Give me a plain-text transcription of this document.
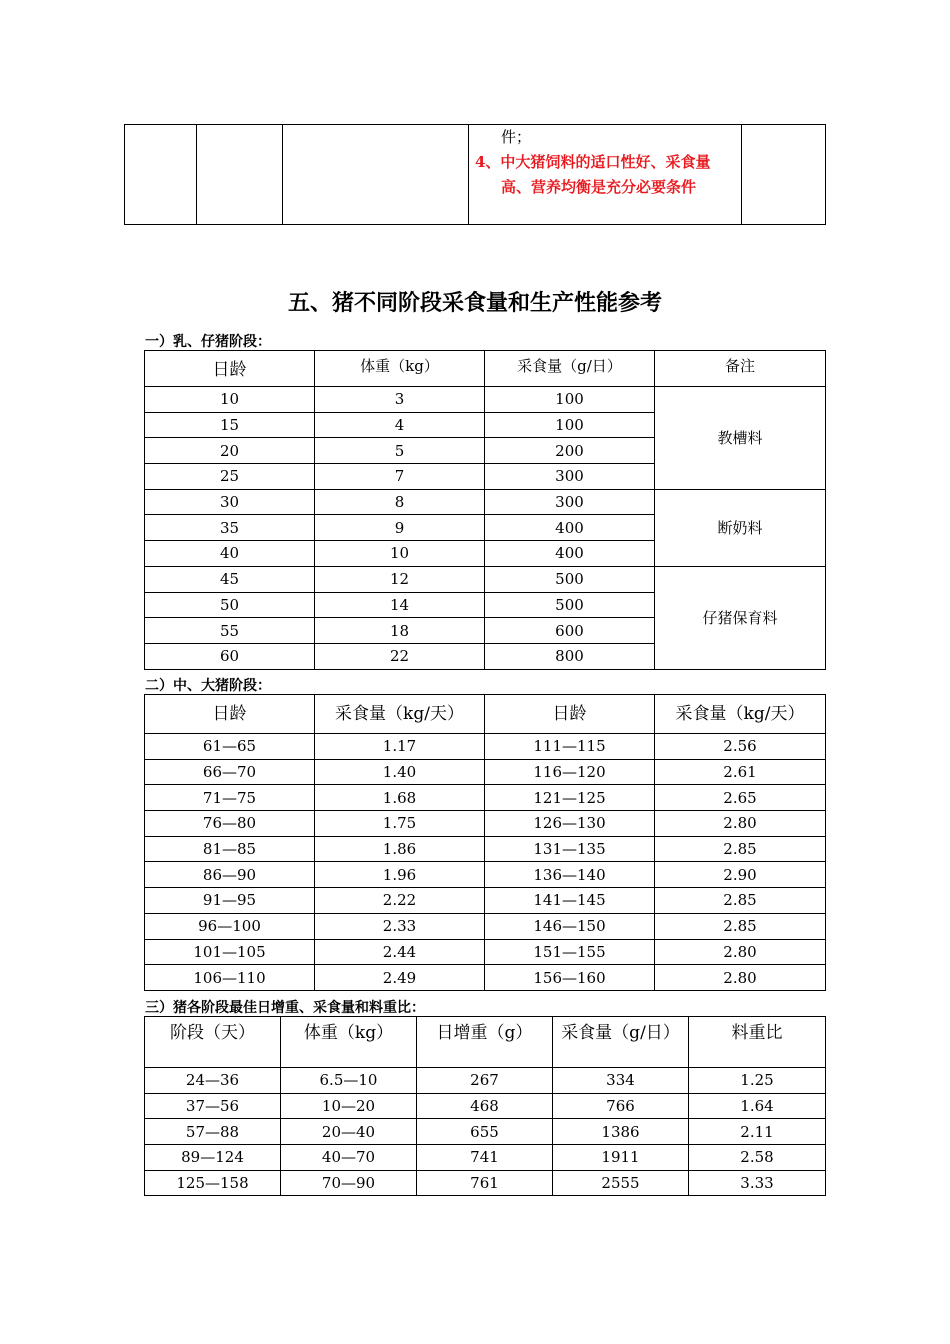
件；
4、中大猪饲料的适口性好、采食量高、营养均衡是充分必要条件

五、猪不同阶段采食量和生产性能参考
一）乳、仔猪阶段：
日龄	体重（kg）	采食量（g/日）	备注
10	3	100	教槽料
15	4	100	
20	5	200	
25	7	300	
30	8	300	断奶料
35	9	400	
40	10	400	
45	12	500	仔猪保育料
50	14	500	
55	18	600	
60	22	800	
二）中、大猪阶段：
日龄	采食量（kg/天）	日龄	采食量（kg/天）
61—65	1.17	111—115	2.56
66—70	1.40	116—120	2.61
71—75	1.68	121—125	2.65
76—80	1.75	126—130	2.80
81—85	1.86	131—135	2.85
86—90	1.96	136—140	2.90
91—95	2.22	141—145	2.85
96—100	2.33	146—150	2.85
101—105	2.44	151—155	2.80
106—110	2.49	156—160	2.80
三）猪各阶段最佳日增重、采食量和料重比：
阶段（天）	体重（kg）	日增重（g）	采食量（g/日）	料重比
24—36	6.5—10	267	334	1.25
37—56	10—20	468	766	1.64
57—88	20—40	655	1386	2.11
89—124	40—70	741	1911	2.58
125—158	70—90	761	2555	3.33
